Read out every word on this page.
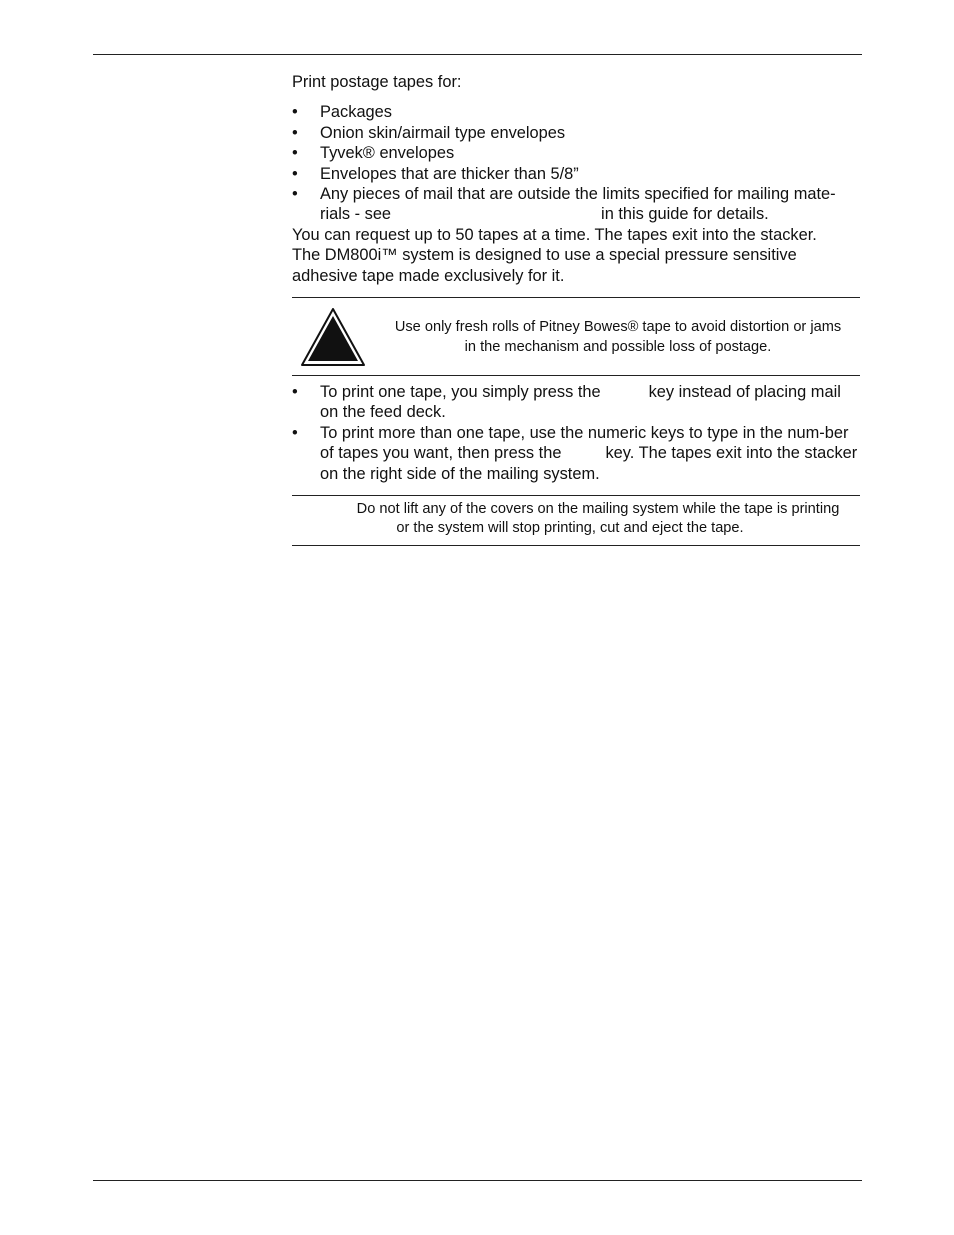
Print postage tapes for:

• Packages
• Onion skin/airmail type envelopes
• Tyvek® envelopes
• Envelopes that are thicker than 5/8”
• Any pieces of mail that are outside the limits specified for mailing mate-rials - see	in this guide for details.

You can request up to 50 tapes at a time. The tapes exit into the stacker.

The DM800i™ system is designed to use a special pressure sensitive adhesive tape made exclusively for it.

Use only fresh rolls of Pitney Bowes® tape to avoid distortion or jams in the mechanism and possible loss of postage.
• To print one tape, you simply press the	key instead of placing mail on the feed deck.
• To print more than one tape, use the numeric keys to type in the num-ber of tapes you want, then press the	key. The tapes exit into the stacker on the right side of the mailing system.
Do not lift any of the covers on the mailing system while the tape is printing or the system will stop printing, cut and eject the tape.
